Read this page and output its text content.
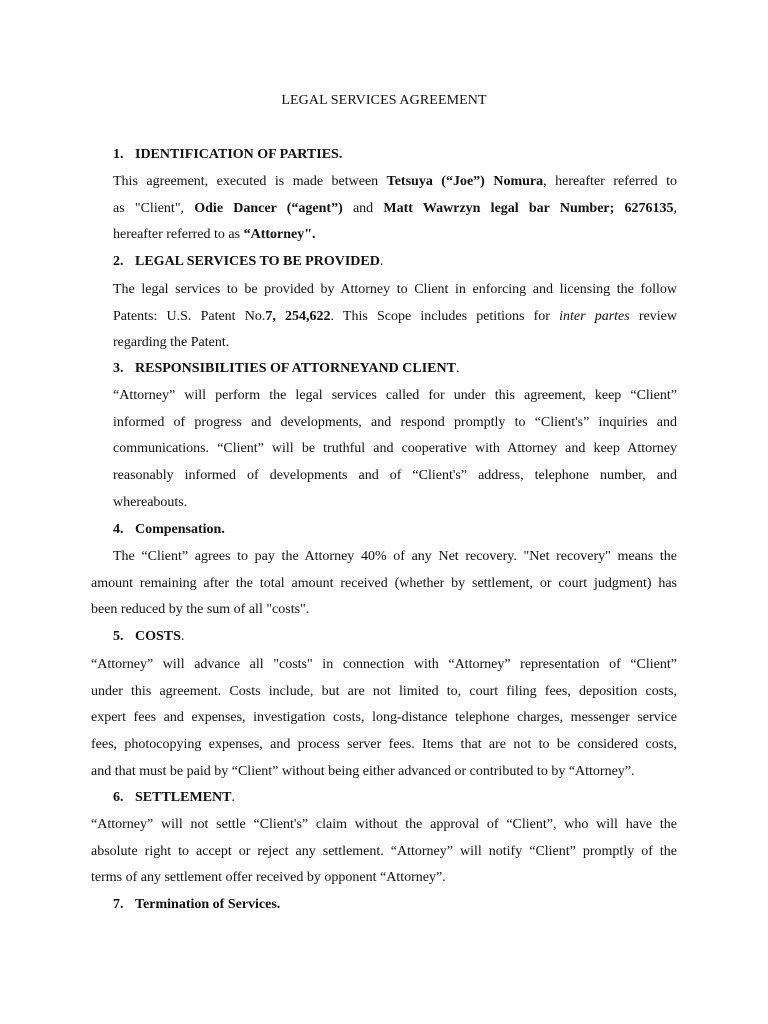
LEGAL SERVICES AGREEMENT
1. IDENTIFICATION OF PARTIES.
This agreement, executed is made between Tetsuya (“Joe”) Nomura, hereafter referred to
as "Client", Odie Dancer (“agent”) and Matt Wawrzyn legal bar Number; 6276135,
hereafter referred to as “Attorney".
2. LEGAL SERVICES TO BE PROVIDED.
The legal services to be provided by Attorney to Client in enforcing and licensing the follow
Patents: U.S. Patent No.7, 254,622. This Scope includes petitions for inter partes review
regarding the Patent.
3. RESPONSIBILITIES OF ATTORNEYAND CLIENT.
“Attorney” will perform the legal services called for under this agreement, keep “Client”
informed of progress and developments, and respond promptly to “Client's” inquiries and
communications. “Client” will be truthful and cooperative with Attorney and keep Attorney
reasonably informed of developments and of “Client's” address, telephone number, and
whereabouts.
4. Compensation.
The “Client” agrees to pay the Attorney 40% of any Net recovery. "Net recovery" means the
amount remaining after the total amount received (whether by settlement, or court judgment) has
been reduced by the sum of all "costs".
5. COSTS.
“Attorney” will advance all "costs" in connection with “Attorney” representation of “Client”
under this agreement. Costs include, but are not limited to, court filing fees, deposition costs,
expert fees and expenses, investigation costs, long-distance telephone charges, messenger service
fees, photocopying expenses, and process server fees. Items that are not to be considered costs,
and that must be paid by “Client” without being either advanced or contributed to by “Attorney”.
6. SETTLEMENT.
“Attorney” will not settle “Client's” claim without the approval of “Client”, who will have the
absolute right to accept or reject any settlement. “Attorney” will notify “Client” promptly of the
terms of any settlement offer received by opponent “Attorney”.
7. Termination of Services.
